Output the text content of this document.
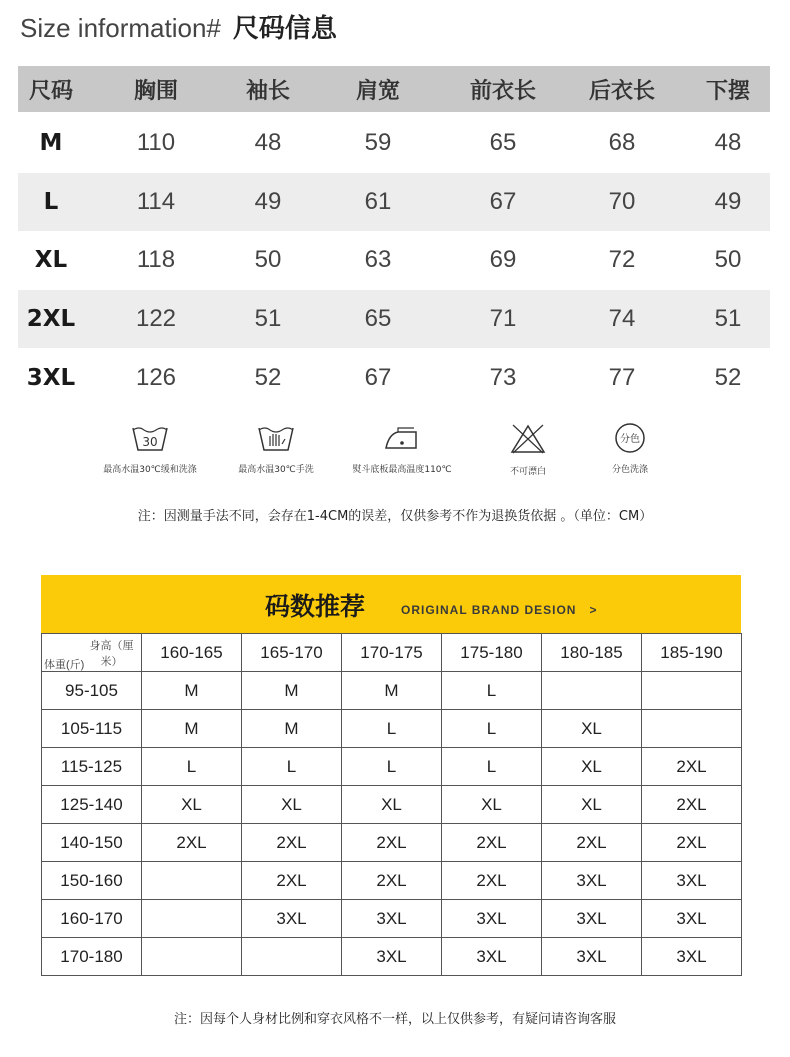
Size information# 尺码信息
尺码	胸围	袖长	肩宽	前衣长	后衣长	下摆
M	110	48	59	65	68	48
L	114	49	61	67	70	49
XL	118	50	63	69	72	50
2XL	122	51	65	71	74	51
3XL	126	52	67	73	77	52
30
最高水温30℃缓和洗涤	最高水温30℃手洗	熨斗底板最高温度110℃	不可漂白
分色
分色洗涤
注：因测量手法不同，会存在1-4CM的误差，仅供参考不作为退换货依据 。（单位：CM）
码数推荐	ORIGINAL BRAND DESION　>
身高（厘米）
体重(斤)	160-165	165-170	170-175	175-180	180-185	185-190
95-105	M	M	M	L		
105-115	M	M	L	L	XL	
115-125	L	L	L	L	XL	2XL
125-140	XL	XL	XL	XL	XL	2XL
140-150	2XL	2XL	2XL	2XL	2XL	2XL
150-160		2XL	2XL	2XL	3XL	3XL
160-170		3XL	3XL	3XL	3XL	3XL
170-180			3XL	3XL	3XL	3XL
注：因每个人身材比例和穿衣风格不一样，以上仅供参考，有疑问请咨询客服
